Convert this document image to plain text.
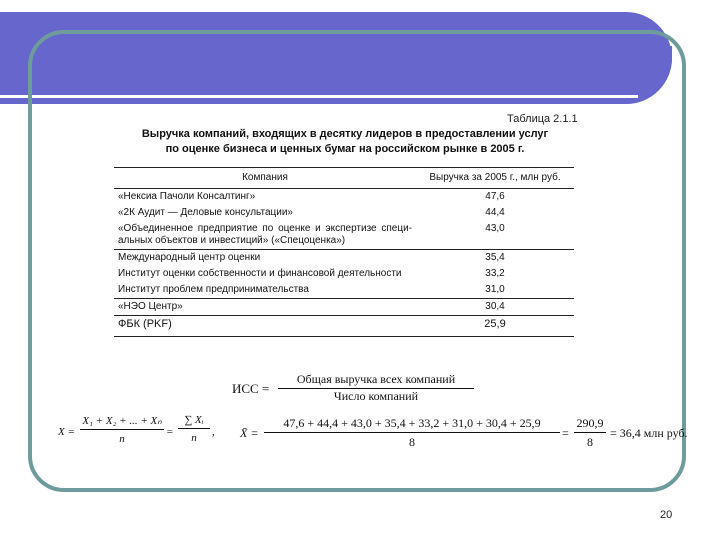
Таблица 2.1.1
Выручка компаний, входящих в десятку лидеров в предоставлении услуг
по оценке бизнеса и ценных бумаг на российском рынке в 2005 г.
Компания	Выручка за 2005 г., млн руб.
«Нексиа Пачоли Консалтинг»	47,6
«2К Аудит — Деловые консультации»	44,4
«Объединенное предприятие по оценке и экспертизе специ-альных объектов и инвестиций» («Спецоценка»)	43,0
Международный центр оценки	35,4
Институт оценки собственности и финансовой деятельности	33,2
Институт проблем предпринимательства	31,0
«НЭО Центр»	30,4
ФБК (PKF)	25,9
ИСС =
Общая выручка всех компаний
Число компаний
$X = \frac{\text{X₁ + X₂ + ... + Xₙ}}{n} = \frac{\text{∑ Xᵢ}}{n}$ , X̄ = $\frac{47,6 + 44,4 + 43,0 + 35,4 + 33,2 + 31,0 + 30,4 + 25,9}{8} = \frac{290,9}{8} = 36,4$ млн руб.
20
